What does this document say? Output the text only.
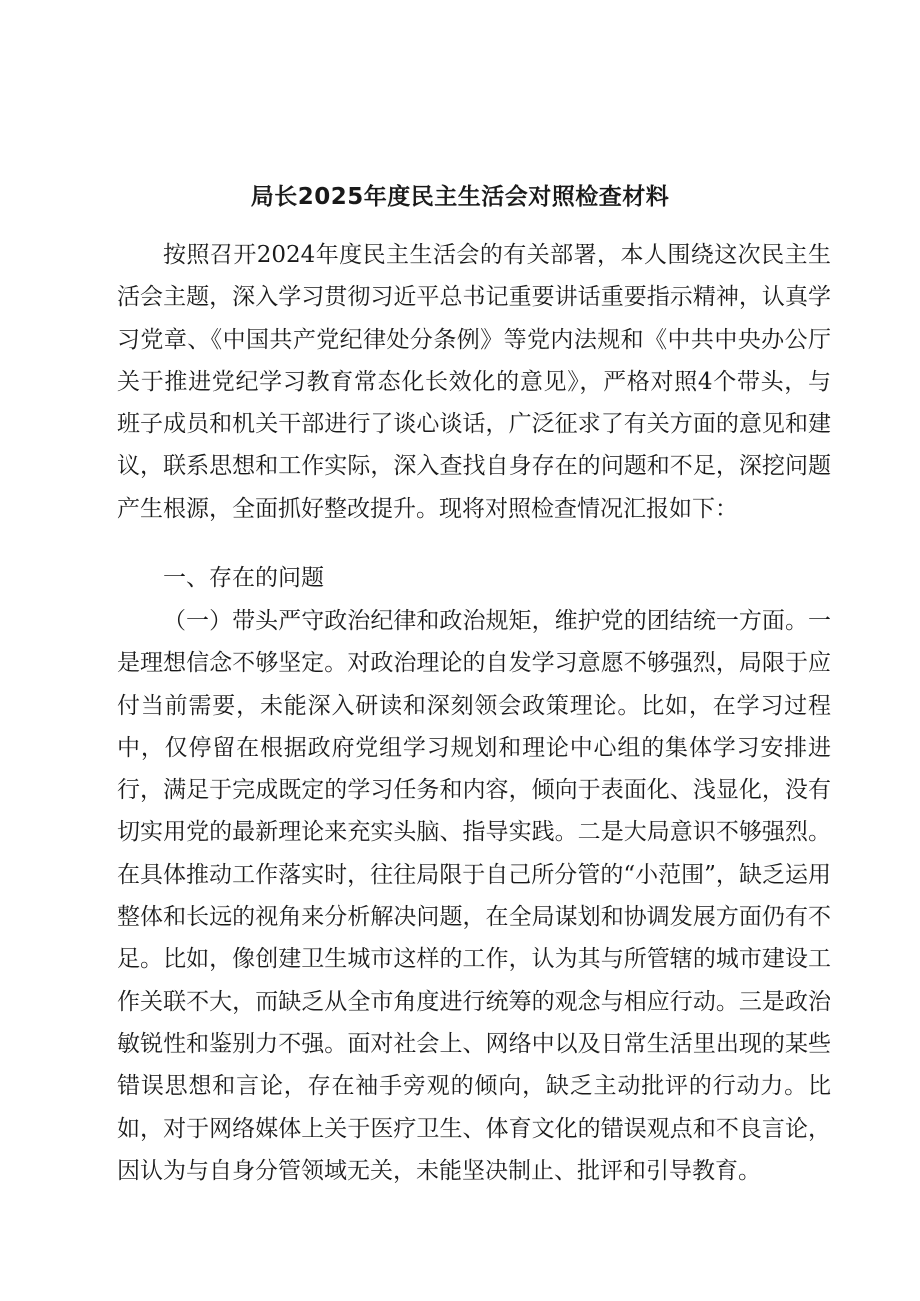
局长2025年度民主生活会对照检查材料

按照召开2024年度民主生活会的有关部署，本人围绕这次民主生活会主题，深入学习贯彻习近平总书记重要讲话重要指示精神，认真学习党章、《中国共产党纪律处分条例》等党内法规和《中共中央办公厅关于推进党纪学习教育常态化长效化的意见》，严格对照4个带头，与班子成员和机关干部进行了谈心谈话，广泛征求了有关方面的意见和建议，联系思想和工作实际，深入查找自身存在的问题和不足，深挖问题产生根源，全面抓好整改提升。现将对照检查情况汇报如下：

一、存在的问题

（一）带头严守政治纪律和政治规矩，维护党的团结统一方面。一是理想信念不够坚定。对政治理论的自发学习意愿不够强烈，局限于应付当前需要，未能深入研读和深刻领会政策理论。比如，在学习过程中，仅停留在根据政府党组学习规划和理论中心组的集体学习安排进行，满足于完成既定的学习任务和内容，倾向于表面化、浅显化，没有切实用党的最新理论来充实头脑、指导实践。二是大局意识不够强烈。在具体推动工作落实时，往往局限于自己所分管的“小范围”，缺乏运用整体和长远的视角来分析解决问题，在全局谋划和协调发展方面仍有不足。比如，像创建卫生城市这样的工作，认为其与所管辖的城市建设工作关联不大，而缺乏从全市角度进行统筹的观念与相应行动。三是政治敏锐性和鉴别力不强。面对社会上、网络中以及日常生活里出现的某些错误思想和言论，存在袖手旁观的倾向，缺乏主动批评的行动力。比如，对于网络媒体上关于医疗卫生、体育文化的错误观点和不良言论，因认为与自身分管领域无关，未能坚决制止、批评和引导教育。
